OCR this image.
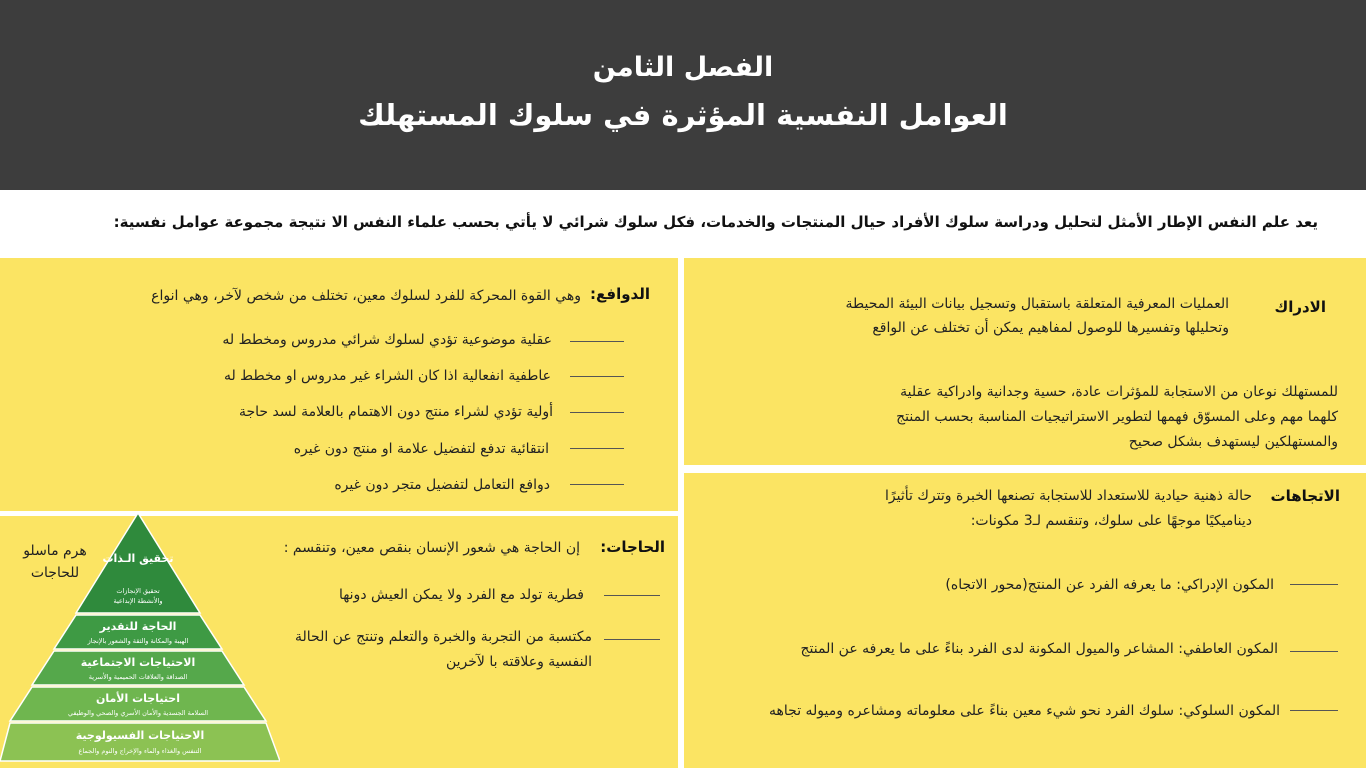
الفصل الثامن
العوامل النفسية المؤثرة في سلوك المستهلك
يعد علم النفس الإطار الأمثل لتحليل ودراسة سلوك الأفراد حيال المنتجات والخدمات، فكل سلوك شرائي لا يأتي بحسب علماء النفس الا نتيجة مجموعة عوامل نفسية:
الادراك
العمليات المعرفية المتعلقة باستقبال وتسجيل بيانات البيئة المحيطة
وتحليلها وتفسيرها للوصول لمفاهيم يمكن أن تختلف عن الواقع
للمستهلك نوعان من الاستجابة للمؤثرات عادة، حسية وجدانية وادراكية عقلية
كلهما مهم وعلى المسوّق فهمها لتطوير الاستراتيجيات المناسبة بحسب المنتج
والمستهلكين ليستهدف بشكل صحيح
الاتجاهات
حالة ذهنية حيادية للاستعداد للاستجابة تصنعها الخبرة وتترك تأثيرًا
ديناميكيًا موجهًا على سلوك، وتنقسم لـ3 مكونات:
المكون الإدراكي: ما يعرفه الفرد عن المنتج(محور الاتجاه)
المكون العاطفي: المشاعر والميول المكونة لدى الفرد بناءً على ما يعرفه عن المنتج
المكون السلوكي: سلوك الفرد نحو شيء معين بناءً على معلوماته ومشاعره وميوله تجاهه
الدوافع:
وهي القوة المحركة للفرد لسلوك معين، تختلف من شخص لآخر، وهي انواع
عقلية موضوعية تؤدي لسلوك شرائي مدروس ومخطط له
عاطفية انفعالية اذا كان الشراء غير مدروس او مخطط له
أولية تؤدي لشراء منتج دون الاهتمام بالعلامة لسد حاجة
انتقائية تدفع لتفضيل علامة او منتج دون غيره
دوافع التعامل لتفضيل متجر دون غيره
الحاجات:
إن الحاجة هي شعور الإنسان بنقص معين، وتنقسم :
فطرية تولد مع الفرد ولا يمكن العيش دونها
مكتسبة من التجربة والخبرة والتعلم وتنتج عن الحالة
النفسية وعلاقته با لآخرين
هرم ماسلو
للحاجات
تحقيق الـذات
تحقيق الإنجازات
والأنشطة الإبداعية
الحاجة للتقدير
الهيبة والمكانة والثقة والشعور بالإنجاز
الاحتياجات الاجتماعية
الصداقة والعلاقات الحميمية والأسرية
احتياجات الأمان
السلامة الجسدية والأمان الأسري والصحي والوظيفي
الاحتياجات الفسيولوجية
التنفس والغذاء والماء والإخراج والنوم والجماع
